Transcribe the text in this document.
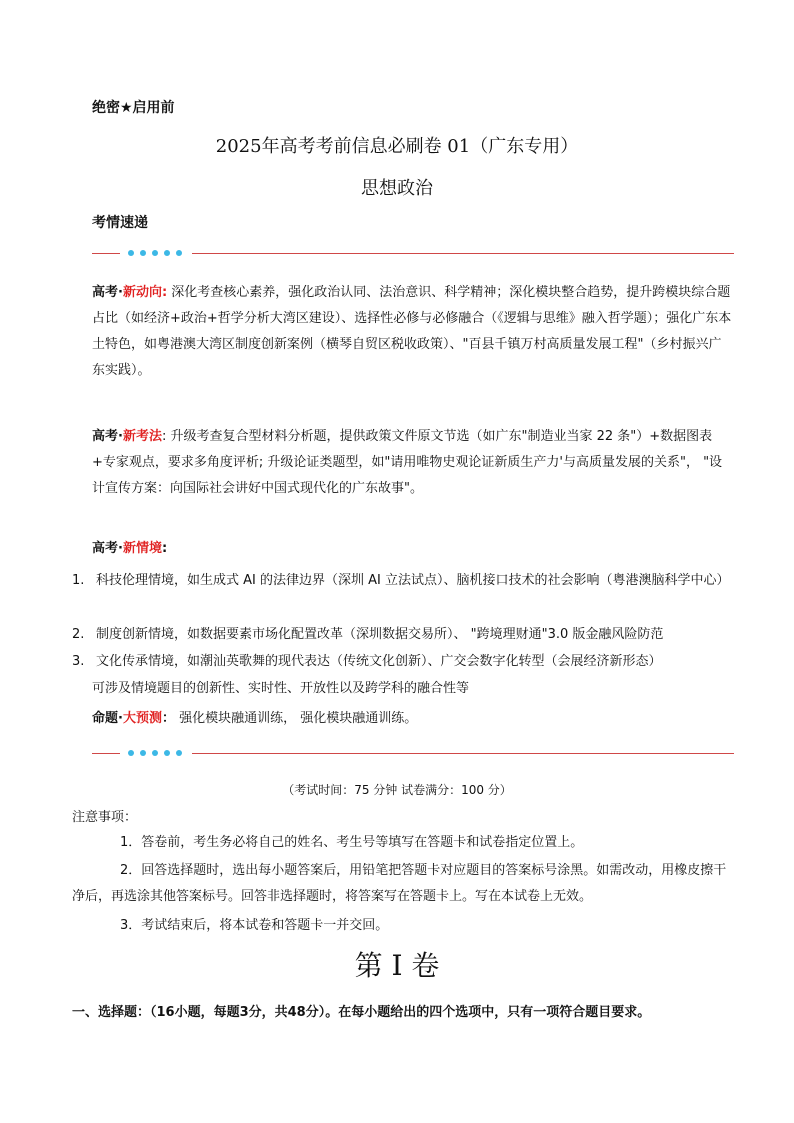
绝密★启用前
2025年高考考前信息必刷卷 01（广东专用）
思想政治
考情速递
高考·新动向: 深化考查核心素养，强化政治认同、法治意识、科学精神；深化模块整合趋势，提升跨模块综合题占比（如经济+政治+哲学分析大湾区建设）、选择性必修与必修融合（《逻辑与思维》融入哲学题）；强化广东本土特色，如粤港澳大湾区制度创新案例（横琴自贸区税收政策）、"百县千镇万村高质量发展工程"（乡村振兴广东实践）。
高考·新考法: 升级考查复合型材料分析题，提供政策文件原文节选（如广东"制造业当家 22 条"）+数据图表+专家观点，要求多角度评析; 升级论证类题型，如"请用唯物史观论证新质生产力'与高质量发展的关系"， "设计宣传方案：向国际社会讲好中国式现代化的广东故事"。
高考·新情境:
1. 科技伦理情境，如生成式 AI 的法律边界（深圳 AI 立法试点）、脑机接口技术的社会影响（粤港澳脑科学中心）
2. 制度创新情境，如数据要素市场化配置改革（深圳数据交易所）、 "跨境理财通"3.0 版金融风险防范
3. 文化传承情境，如潮汕英歌舞的现代表达（传统文化创新）、广交会数字化转型（会展经济新形态）
可涉及情境题目的创新性、实时性、开放性以及跨学科的融合性等
命题·大预测： 强化模块融通训练， 强化模块融通训练。
（考试时间：75 分钟 试卷满分：100 分）
注意事项：
1．答卷前，考生务必将自己的姓名、考生号等填写在答题卡和试卷指定位置上。
2．回答选择题时，选出每小题答案后，用铅笔把答题卡对应题目的答案标号涂黑。如需改动，用橡皮擦干净后，再选涂其他答案标号。回答非选择题时，将答案写在答题卡上。写在本试卷上无效。
3．考试结束后，将本试卷和答题卡一并交回。
第 I 卷
一、选择题：（16小题，每题3分，共48分）。在每小题给出的四个选项中，只有一项符合题目要求。
